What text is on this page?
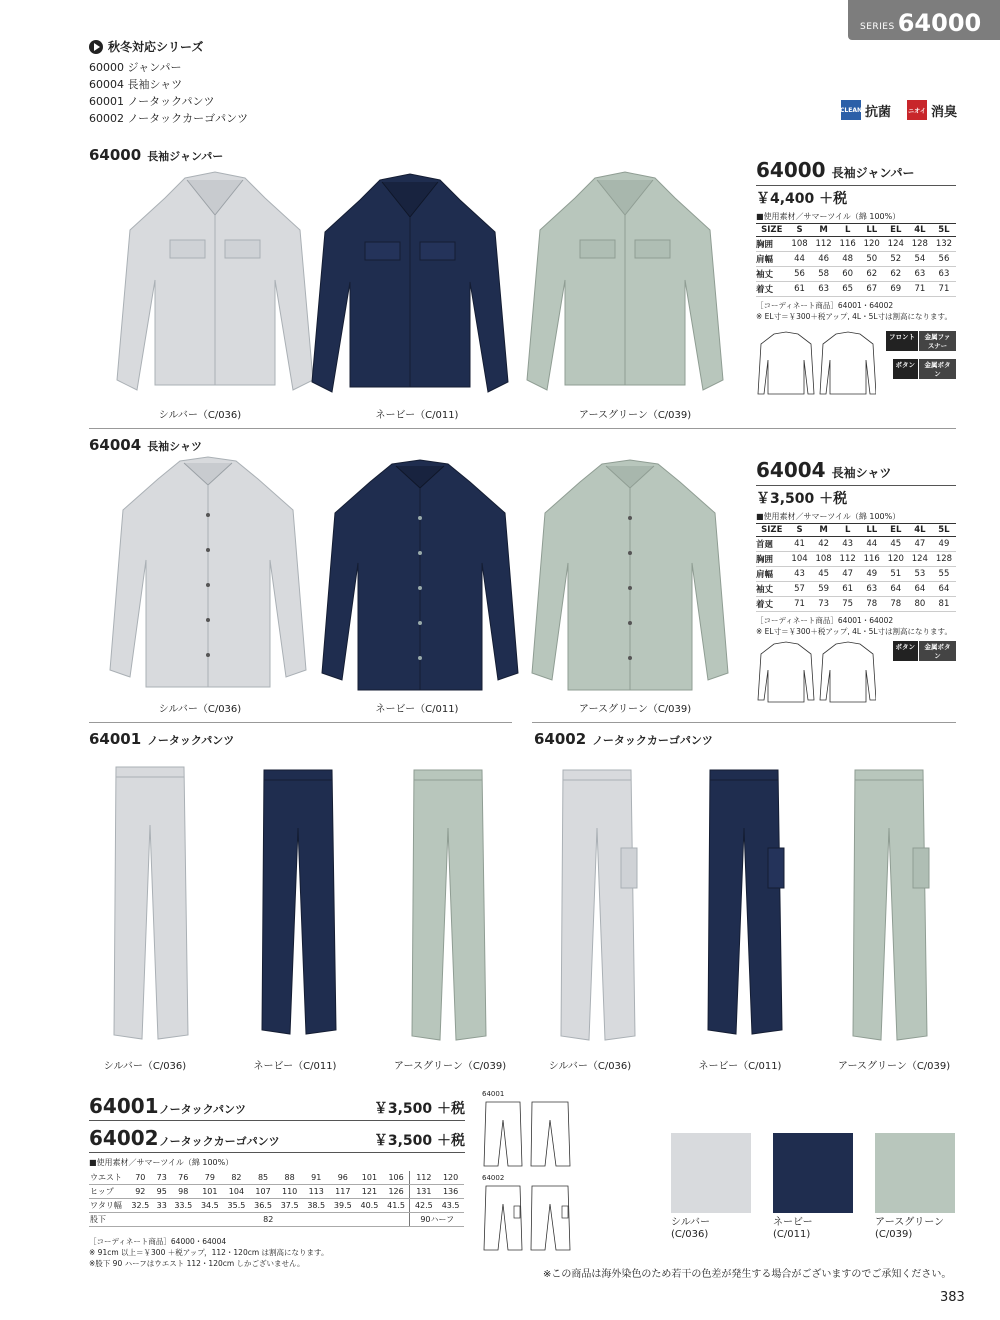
SERIES 64000
秋冬対応シリーズ
60000 ジャンパー
60004 長袖シャツ
60001 ノータックパンツ
60002 ノータックカーゴパンツ
CLEAN 抗菌	ニオイ 消臭
64000 長袖ジャンパー
シルバー（C/036)	ネービー（C/011)	アースグリーン（C/039)
64000 長袖ジャンパー
￥4,400 ＋税
■使用素材／サマーツイル（綿 100%）
SIZE	S	M	L	LL	EL	4L	5L
胸囲	108	112	116	120	124	128	132
肩幅	44	46	48	50	52	54	56
袖丈	56	58	60	62	62	63	63
着丈	61	63	65	67	69	71	71
［コーディネート商品］64001・64002
※ EL寸＝￥300＋税アップ, 4L・5L寸は割高になります。
フロント	金属ファスナー
ボタン	金属ボタン
64004 長袖シャツ
シルバー（C/036)	ネービー（C/011)	アースグリーン（C/039)
64004 長袖シャツ
￥3,500 ＋税
■使用素材／サマーツイル（綿 100%）
SIZE	S	M	L	LL	EL	4L	5L
首廻	41	42	43	44	45	47	49
胸囲	104	108	112	116	120	124	128
肩幅	43	45	47	49	51	53	55
袖丈	57	59	61	63	64	64	64
着丈	71	73	75	78	78	80	81
［コーディネート商品］64001・64002
※ EL寸＝￥300＋税アップ, 4L・5L寸は割高になります。
ボタン	金属ボタン
64001 ノータックパンツ	64002 ノータックカーゴパンツ
シルバー（C/036)	ネービー（C/011)	アースグリーン（C/039)	シルバー（C/036)	ネービー（C/011)	アースグリーン（C/039)
64001 ノータックパンツ	￥3,500 ＋税
64002 ノータックカーゴパンツ	￥3,500 ＋税
■使用素材／サマーツイル（綿 100%）
ウエスト	70	73	76	79	82	85	88	91	96	101	106	112	120
ヒップ	92	95	98	101	104	107	110	113	117	121	126	131	136
ワタリ幅	32.5	33	33.5	34.5	35.5	36.5	37.5	38.5	39.5	40.5	41.5	42.5	43.5
股下	82											90ハーフ	
［コーディネート商品］64000・64004
※ 91cm 以上＝￥300 ＋税アップ，112・120cm は割高になります。
※股下 90 ハーフはウエスト 112・120cm しかございません。
64001
64002
シルバー
(C/036)
ネービー
(C/011)
アースグリーン
(C/039)
※この商品は海外染色のため若干の色差が発生する場合がございますのでご承知ください。
383
